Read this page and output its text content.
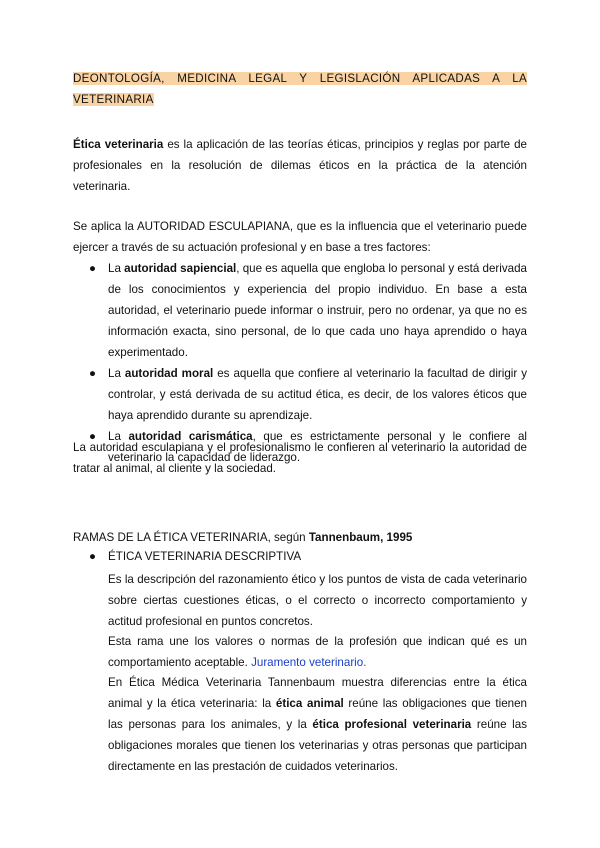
DEONTOLOGÍA, MEDICINA LEGAL Y LEGISLACIÓN APLICADAS A LA VETERINARIA
Ética veterinaria es la aplicación de las teorías éticas, principios y reglas por parte de profesionales en la resolución de dilemas éticos en la práctica de la atención veterinaria.
Se aplica la AUTORIDAD ESCULAPIANA, que es la influencia que el veterinario puede ejercer a través de su actuación profesional y en base a tres factores:
● La autoridad sapiencial, que es aquella que engloba lo personal y está derivada de los conocimientos y experiencia del propio individuo. En base a esta autoridad, el veterinario puede informar o instruir, pero no ordenar, ya que no es información exacta, sino personal, de lo que cada uno haya aprendido o haya experimentado.
● La autoridad moral es aquella que confiere al veterinario la facultad de dirigir y controlar, y está derivada de su actitud ética, es decir, de los valores éticos que haya aprendido durante su aprendizaje.
● La autoridad carismática, que es estrictamente personal y le confiere al veterinario la capacidad de liderazgo.
La autoridad esculapiana y el profesionalismo le confieren al veterinario la autoridad de tratar al animal, al cliente y la sociedad.
RAMAS DE LA ÉTICA VETERINARIA, según Tannenbaum, 1995
● ÉTICA VETERINARIA DESCRIPTIVA
Es la descripción del razonamiento ético y los puntos de vista de cada veterinario sobre ciertas cuestiones éticas, o el correcto o incorrecto comportamiento y actitud profesional en puntos concretos.
Esta rama une los valores o normas de la profesión que indican qué es un comportamiento aceptable. Juramento veterinario.
En Ética Médica Veterinaria Tannenbaum muestra diferencias entre la ética animal y la ética veterinaria: la ética animal reúne las obligaciones que tienen las personas para los animales, y la ética profesional veterinaria reúne las obligaciones morales que tienen los veterinarias y otras personas que participan directamente en las prestación de cuidados veterinarios.
